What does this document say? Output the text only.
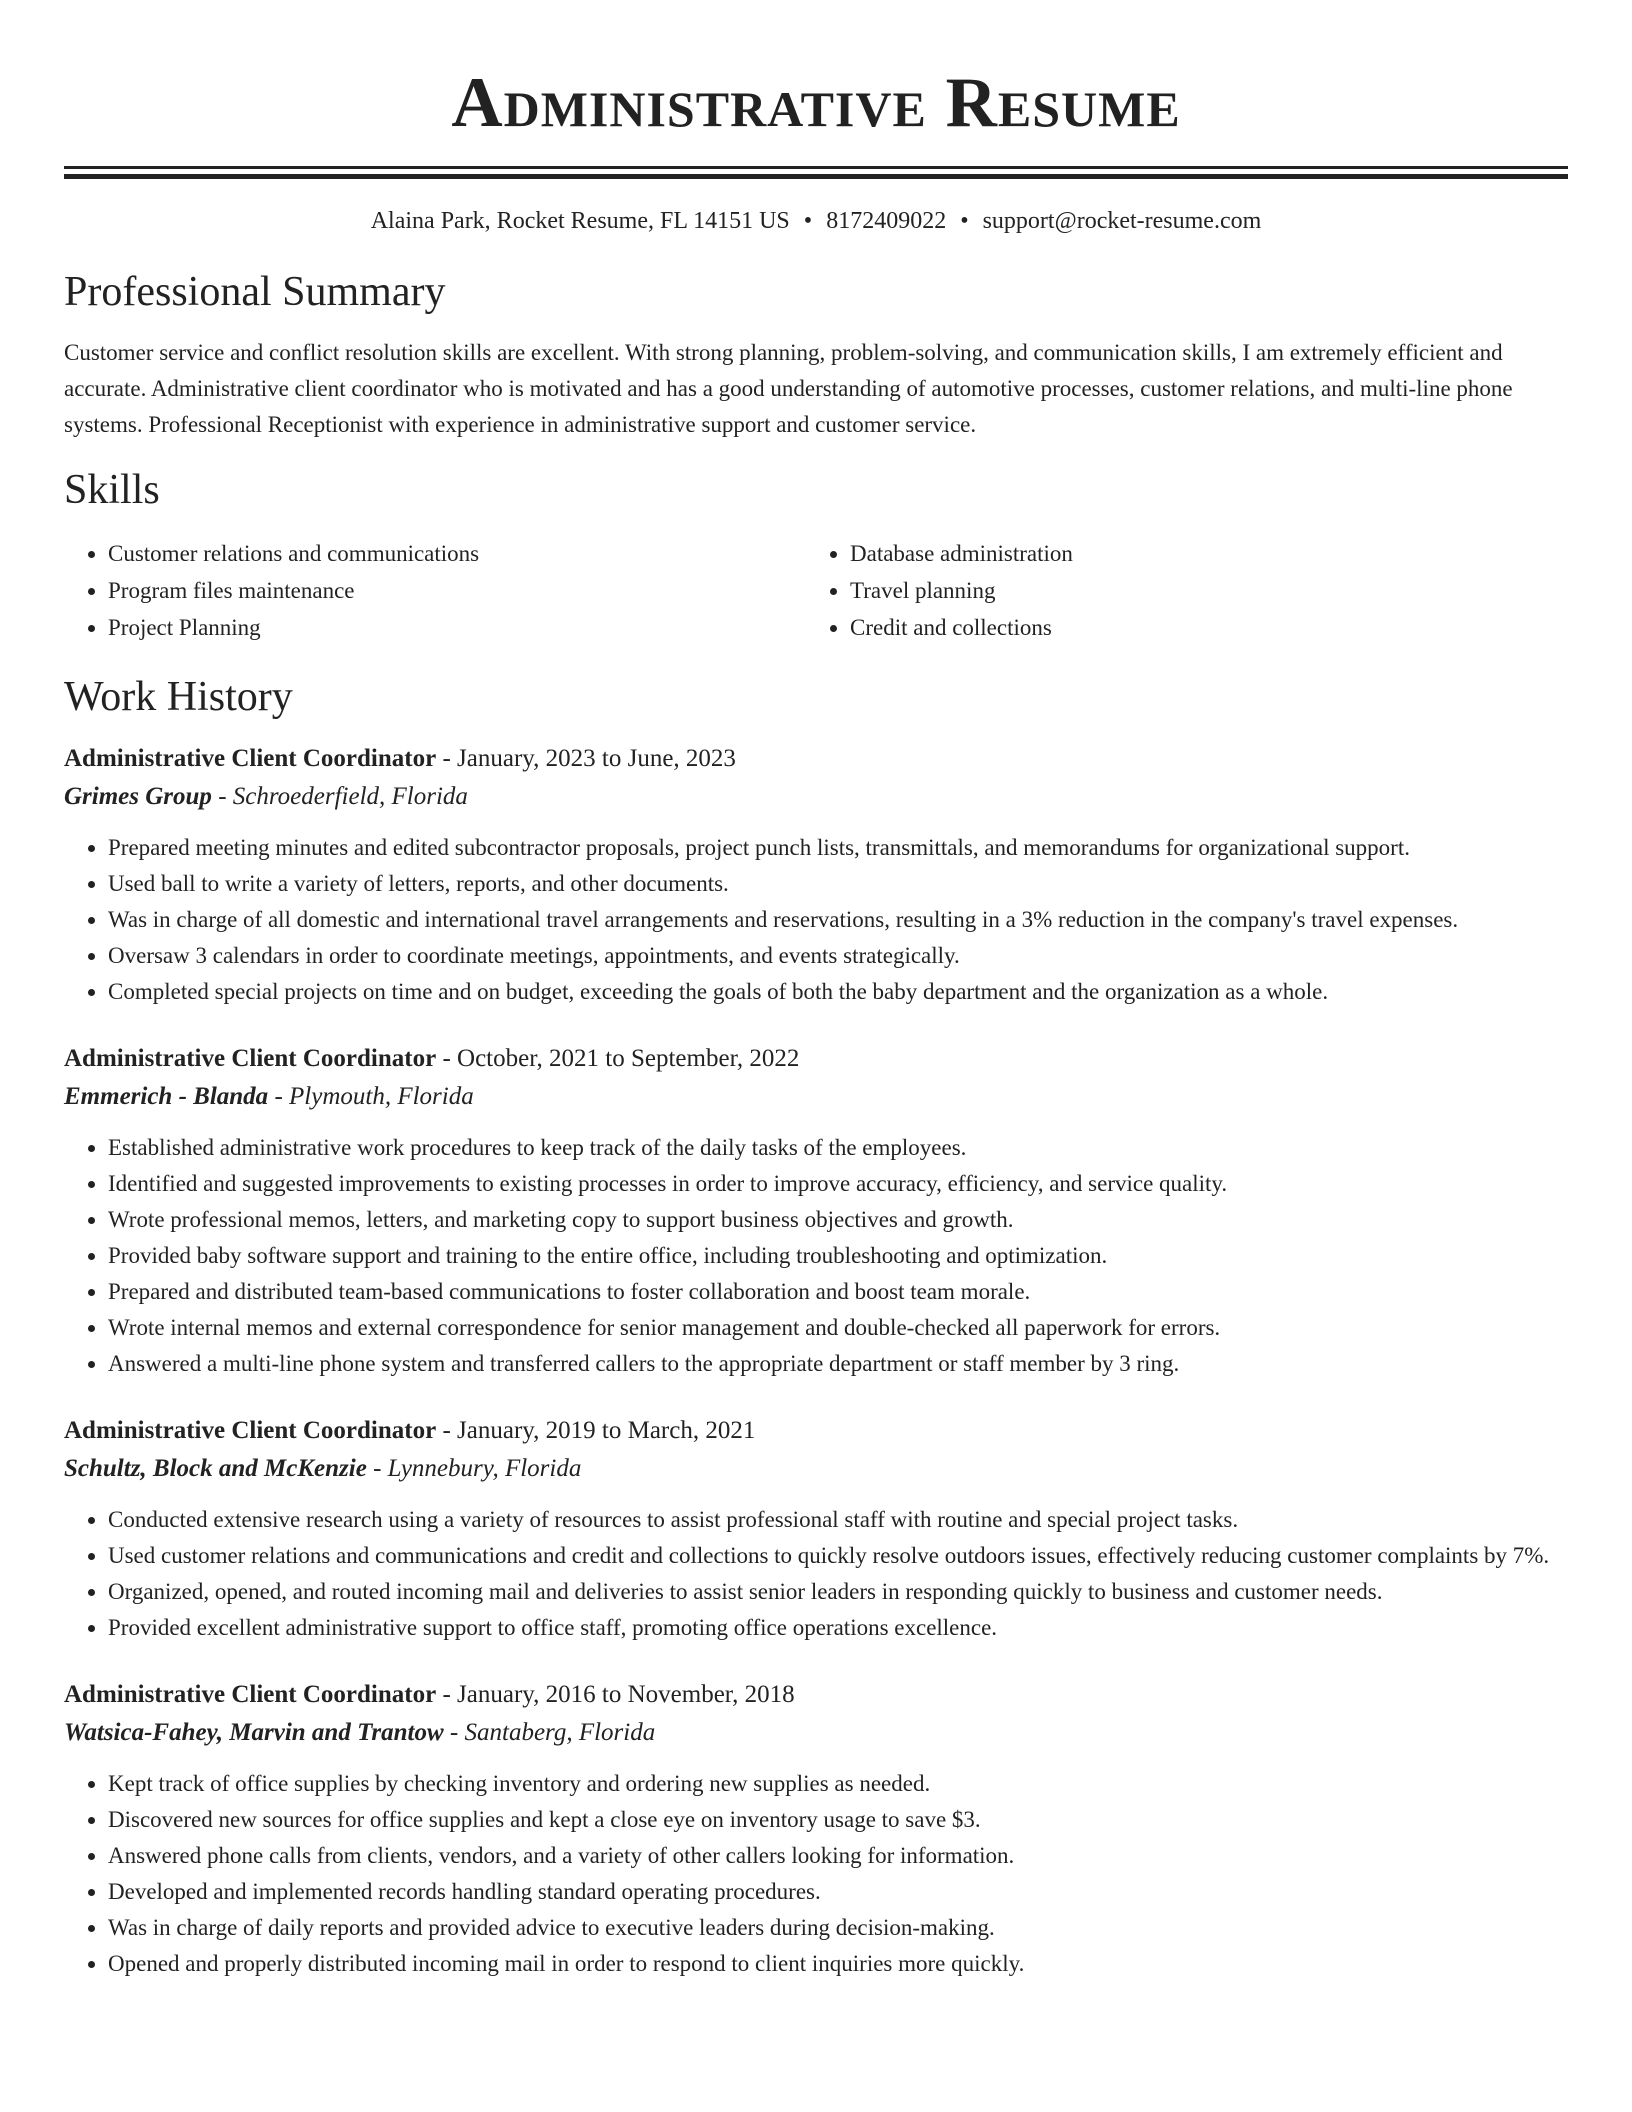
Administrative Resume
Alaina Park, Rocket Resume, FL 14151 US • 8172409022 • support@rocket-resume.com
Professional Summary
Customer service and conflict resolution skills are excellent. With strong planning, problem-solving, and communication skills, I am extremely efficient and accurate. Administrative client coordinator who is motivated and has a good understanding of automotive processes, customer relations, and multi-line phone systems. Professional Receptionist with experience in administrative support and customer service.
Skills
• Customer relations and communications
• Program files maintenance
• Project Planning
• Database administration
• Travel planning
• Credit and collections
Work History
Administrative Client Coordinator - January, 2023 to June, 2023
Grimes Group - Schroederfield, Florida
• Prepared meeting minutes and edited subcontractor proposals, project punch lists, transmittals, and memorandums for organizational support.
• Used ball to write a variety of letters, reports, and other documents.
• Was in charge of all domestic and international travel arrangements and reservations, resulting in a 3% reduction in the company's travel expenses.
• Oversaw 3 calendars in order to coordinate meetings, appointments, and events strategically.
• Completed special projects on time and on budget, exceeding the goals of both the baby department and the organization as a whole.
Administrative Client Coordinator - October, 2021 to September, 2022
Emmerich - Blanda - Plymouth, Florida
• Established administrative work procedures to keep track of the daily tasks of the employees.
• Identified and suggested improvements to existing processes in order to improve accuracy, efficiency, and service quality.
• Wrote professional memos, letters, and marketing copy to support business objectives and growth.
• Provided baby software support and training to the entire office, including troubleshooting and optimization.
• Prepared and distributed team-based communications to foster collaboration and boost team morale.
• Wrote internal memos and external correspondence for senior management and double-checked all paperwork for errors.
• Answered a multi-line phone system and transferred callers to the appropriate department or staff member by 3 ring.
Administrative Client Coordinator - January, 2019 to March, 2021
Schultz, Block and McKenzie - Lynnebury, Florida
• Conducted extensive research using a variety of resources to assist professional staff with routine and special project tasks.
• Used customer relations and communications and credit and collections to quickly resolve outdoors issues, effectively reducing customer complaints by 7%.
• Organized, opened, and routed incoming mail and deliveries to assist senior leaders in responding quickly to business and customer needs.
• Provided excellent administrative support to office staff, promoting office operations excellence.
Administrative Client Coordinator - January, 2016 to November, 2018
Watsica-Fahey, Marvin and Trantow - Santaberg, Florida
• Kept track of office supplies by checking inventory and ordering new supplies as needed.
• Discovered new sources for office supplies and kept a close eye on inventory usage to save $3.
• Answered phone calls from clients, vendors, and a variety of other callers looking for information.
• Developed and implemented records handling standard operating procedures.
• Was in charge of daily reports and provided advice to executive leaders during decision-making.
• Opened and properly distributed incoming mail in order to respond to client inquiries more quickly.
